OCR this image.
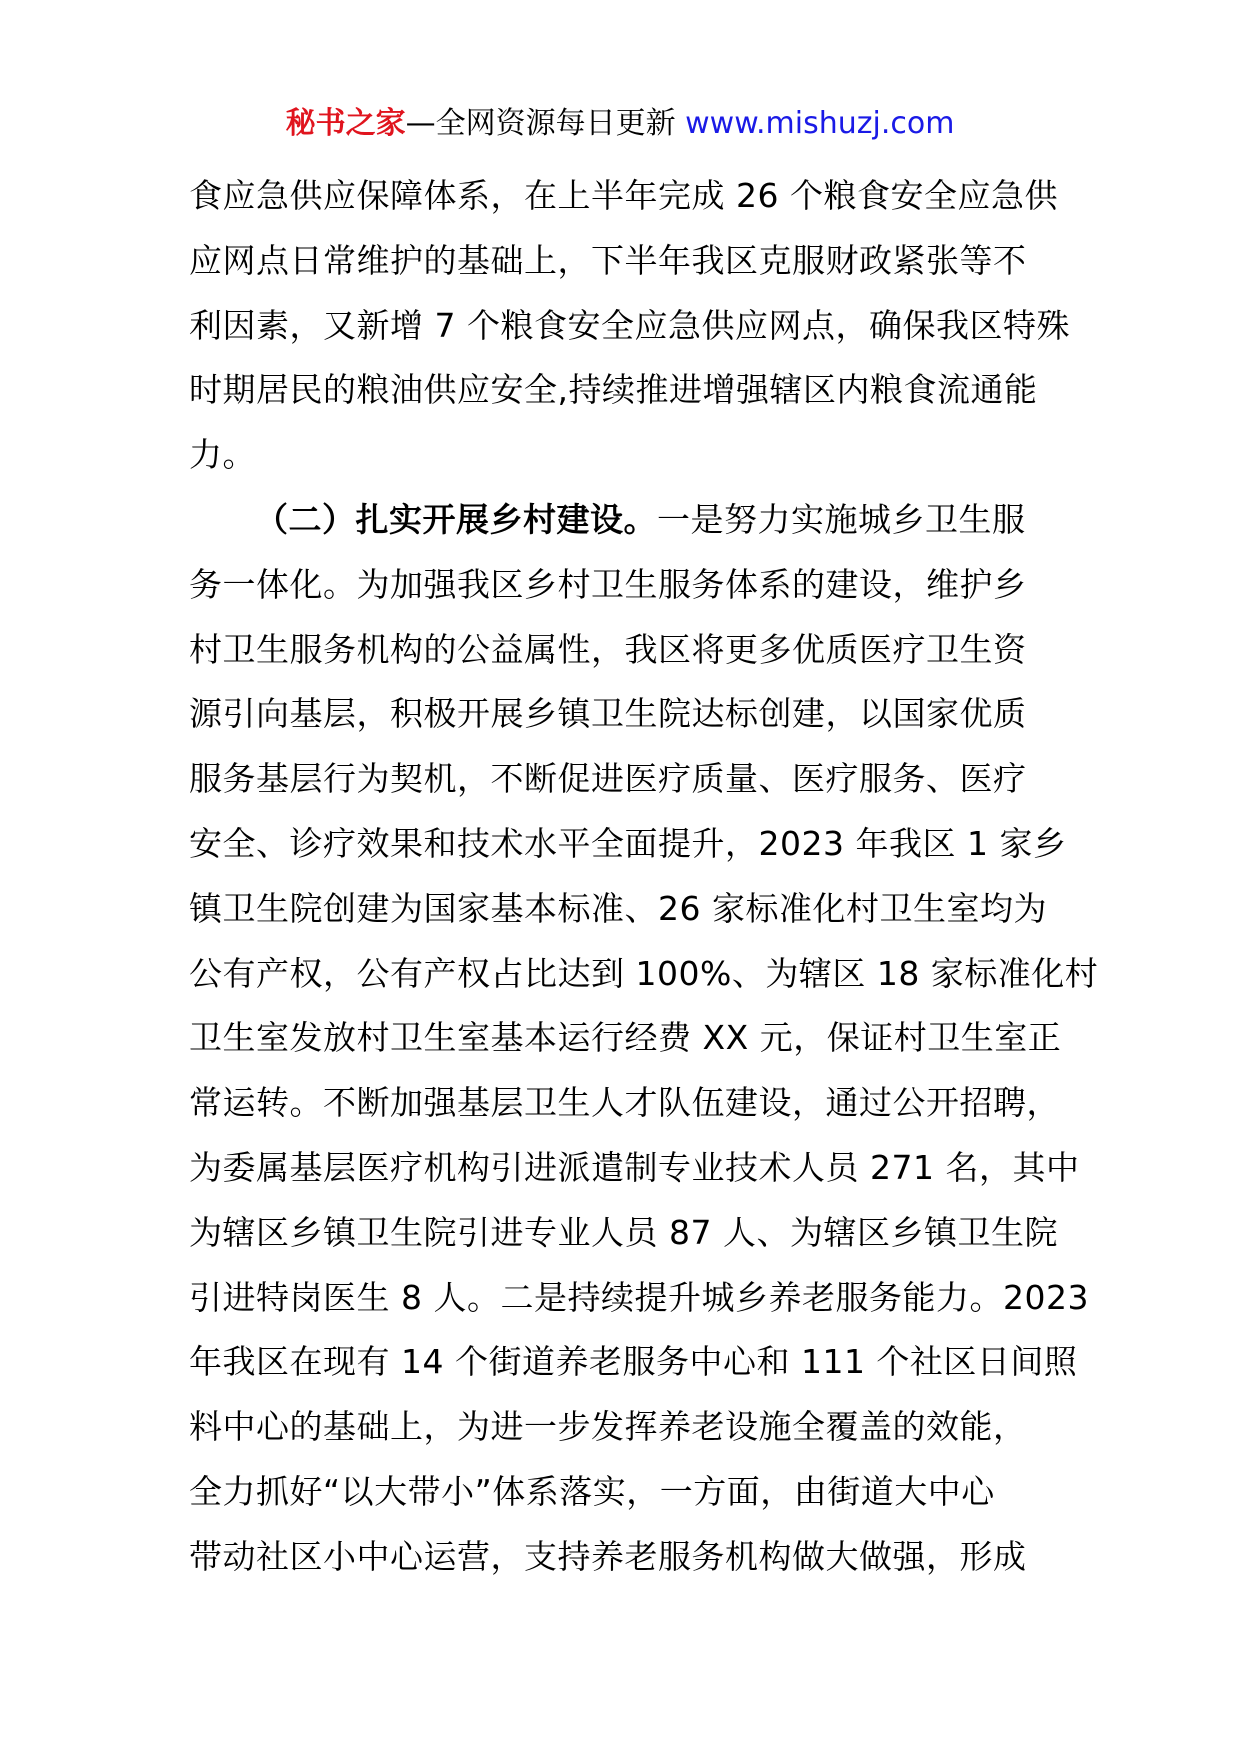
秘书之家—全网资源每日更新 www.mishuzj.com
食应急供应保障体系，在上半年完成 26 个粮食安全应急供
应网点日常维护的基础上，下半年我区克服财政紧张等不
利因素，又新增 7 个粮食安全应急供应网点，确保我区特殊
时期居民的粮油供应安全,持续推进增强辖区内粮食流通能
力。
（二）扎实开展乡村建设。一是努力实施城乡卫生服
务一体化。为加强我区乡村卫生服务体系的建设，维护乡
村卫生服务机构的公益属性，我区将更多优质医疗卫生资
源引向基层，积极开展乡镇卫生院达标创建，以国家优质
服务基层行为契机，不断促进医疗质量、医疗服务、医疗
安全、诊疗效果和技术水平全面提升，2023 年我区 1 家乡
镇卫生院创建为国家基本标准、26 家标准化村卫生室均为
公有产权，公有产权占比达到 100%、为辖区 18 家标准化村
卫生室发放村卫生室基本运行经费 XX 元，保证村卫生室正
常运转。不断加强基层卫生人才队伍建设，通过公开招聘，
为委属基层医疗机构引进派遣制专业技术人员 271 名，其中
为辖区乡镇卫生院引进专业人员 87 人、为辖区乡镇卫生院
引进特岗医生 8 人。二是持续提升城乡养老服务能力。2023
年我区在现有 14 个街道养老服务中心和 111 个社区日间照
料中心的基础上，为进一步发挥养老设施全覆盖的效能，
全力抓好“以大带小”体系落实，一方面，由街道大中心
带动社区小中心运营，支持养老服务机构做大做强，形成
